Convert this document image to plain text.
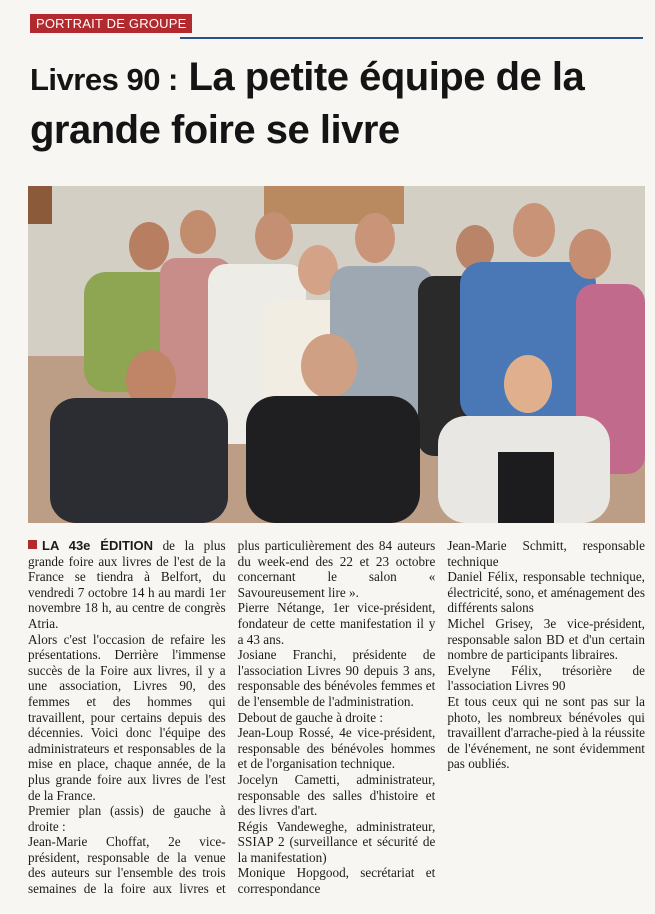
PORTRAIT DE GROUPE
Livres 90 : La petite équipe de la grande foire se livre

LA 43e ÉDITION de la plus grande foire aux livres de l'est de la France se tiendra à Belfort, du vendredi 7 octobre 14 h au mardi 1er novembre 18 h, au centre de congrès Atria.

Alors c'est l'occasion de refaire les présentations. Derrière l'immense succès de la Foire aux livres, il y a une association, Livres 90, des femmes et des hommes qui travaillent, pour certains depuis des décennies. Voici donc l'équipe des administrateurs et responsables de la mise en place, chaque année, de la plus grande foire aux livres de l'est de la France.

Premier plan (assis) de gauche à droite :

Jean-Marie Choffat, 2e vice-président, responsable de la venue des auteurs sur l'ensemble des trois semaines de la foire aux livres et plus particulièrement des 84 auteurs du week-end des 22 et 23 octobre concernant le salon « Savoureusement lire ».

Pierre Nétange, 1er vice-président, fondateur de cette manifestation il y a 43 ans.

Josiane Franchi, présidente de l'association Livres 90 depuis 3 ans, responsable des bénévoles femmes et de l'ensemble de l'administration.

Debout de gauche à droite :

Jean-Loup Rossé, 4e vice-président, responsable des bénévoles hommes et de l'organisation technique.

Jocelyn Cametti, administrateur, responsable des salles d'histoire et des livres d'art.

Régis Vandeweghe, administrateur, SSIAP 2 (surveillance et sécurité de la manifestation)

Monique Hopgood, secrétariat et correspondance

Jean-Marie Schmitt, responsable technique

Daniel Félix, responsable technique, électricité, sono, et aménagement des différents salons

Michel Grisey, 3e vice-président, responsable salon BD et d'un certain nombre de participants libraires.

Evelyne Félix, trésorière de l'association Livres 90

Et tous ceux qui ne sont pas sur la photo, les nombreux bénévoles qui travaillent d'arrache-pied à la réussite de l'événement, ne sont évidemment pas oubliés.
